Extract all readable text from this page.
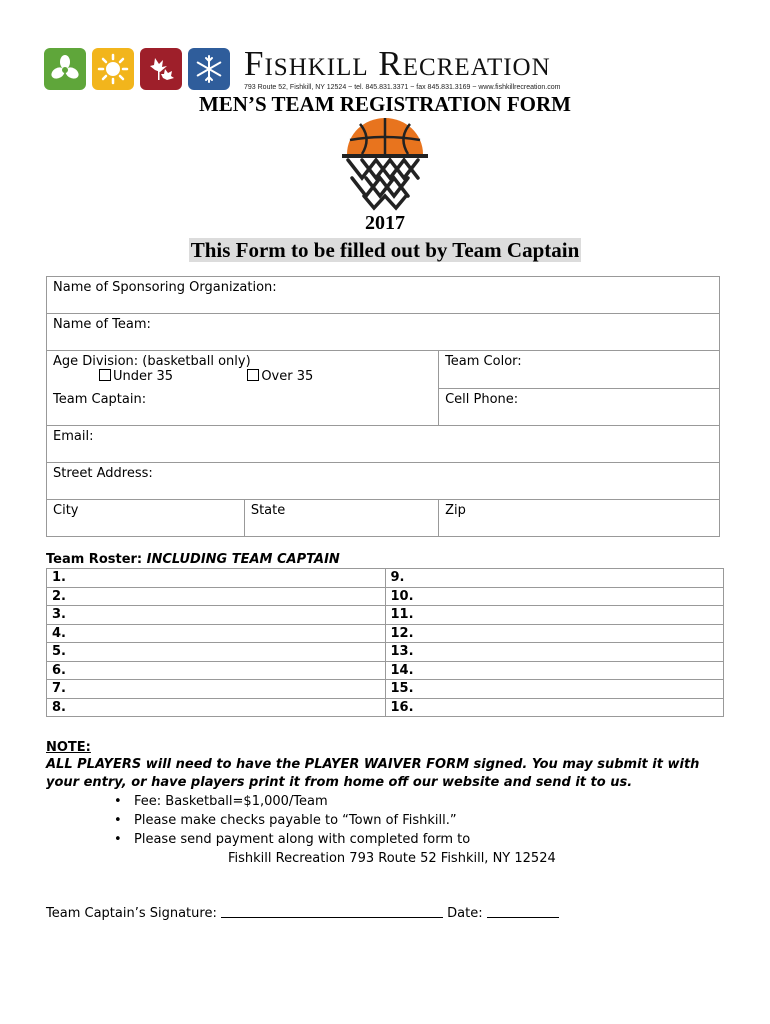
Fishkill Recreation
793 Route 52, Fishkill, NY 12524 ~ tel. 845.831.3371 ~ fax 845.831.3169 ~ www.fishkillrecreation.com
MEN’S TEAM REGISTRATION FORM
2017
This Form to be filled out by Team Captain
Name of Sponsoring Organization:		
Name of Team:		

Age Division: (basketball only)
Under 35 Over 35		Team Color:
Team Captain:		Cell Phone:
Email:		
Street Address:		
City	State	Zip
Team Roster: INCLUDING TEAM CAPTAIN
1.	9.
2.	10.
3.	11.
4.	12.
5.	13.
6.	14.
7.	15.
8.	16.
NOTE:
ALL PLAYERS will need to have the PLAYER WAIVER FORM signed. You may submit it with your entry, or have players print it from home off our website and send it to us.
• Fee: Basketball=$1,000/Team
• Please make checks payable to “Town of Fishkill.”
• Please send payment along with completed form to
Fishkill Recreation 793 Route 52 Fishkill, NY 12524
Team Captain’s Signature:	Date:
